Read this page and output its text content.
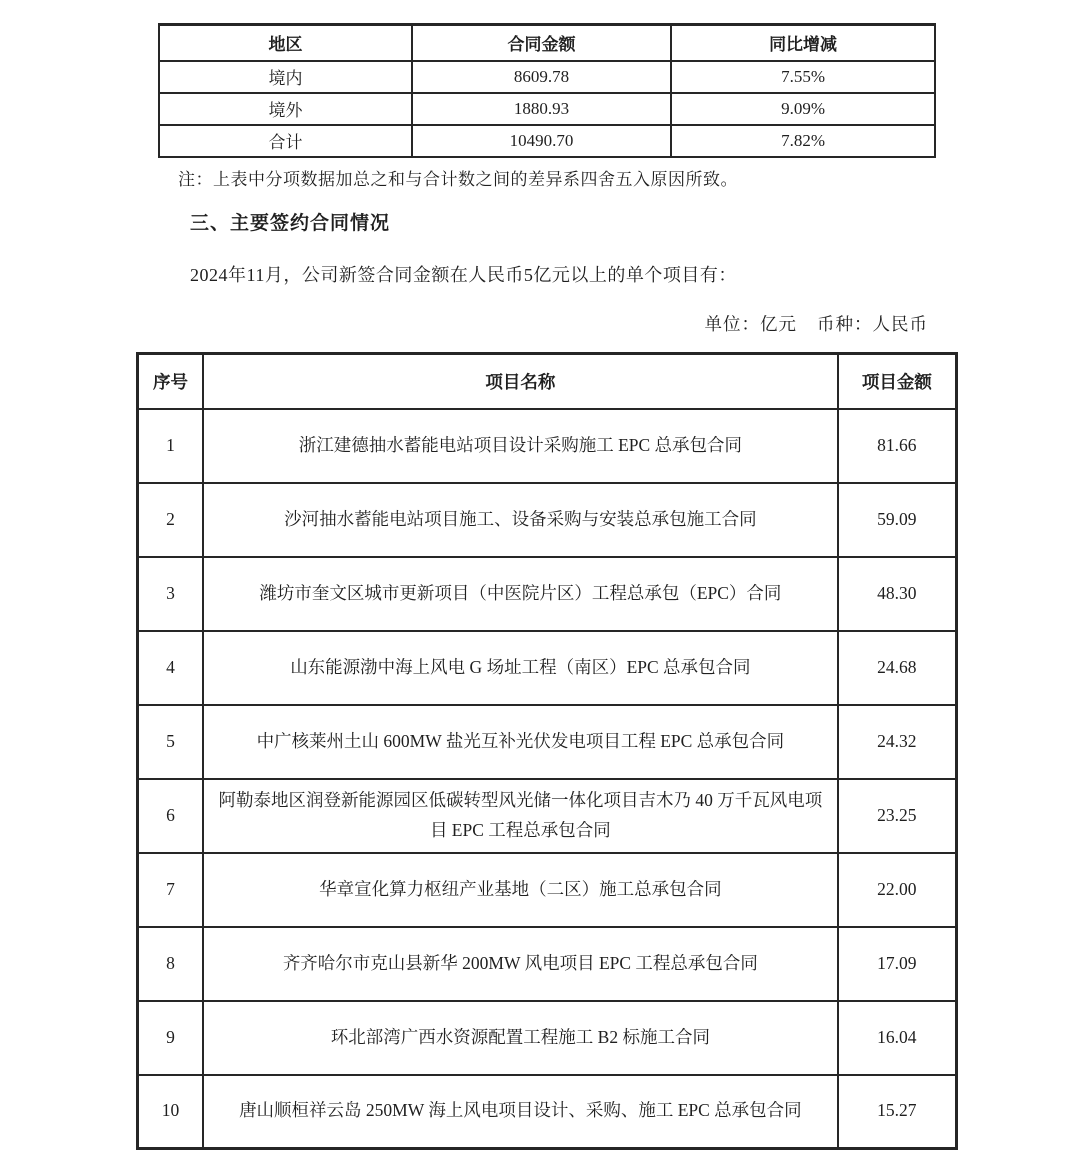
地区	合同金额	同比增减
境内	8609.78	7.55%
境外	1880.93	9.09%
合计	10490.70	7.82%
注：上表中分项数据加总之和与合计数之间的差异系四舍五入原因所致。
三、主要签约合同情况
2024年11月，公司新签合同金额在人民币5亿元以上的单个项目有：
单位：亿元 币种：人民币
序号	项目名称	项目金额
1	浙江建德抽水蓄能电站项目设计采购施工 EPC 总承包合同	81.66
2	沙河抽水蓄能电站项目施工、设备采购与安装总承包施工合同	59.09
3	潍坊市奎文区城市更新项目（中医院片区）工程总承包（EPC）合同	48.30
4	山东能源渤中海上风电 G 场址工程（南区）EPC 总承包合同	24.68
5	中广核莱州土山 600MW 盐光互补光伏发电项目工程 EPC 总承包合同	24.32
6	阿勒泰地区润登新能源园区低碳转型风光储一体化项目吉木乃 40 万千瓦风电项目 EPC 工程总承包合同	23.25
7	华章宣化算力枢纽产业基地（二区）施工总承包合同	22.00
8	齐齐哈尔市克山县新华 200MW 风电项目 EPC 工程总承包合同	17.09
9	环北部湾广西水资源配置工程施工 B2 标施工合同	16.04
10	唐山顺桓祥云岛 250MW 海上风电项目设计、采购、施工 EPC 总承包合同	15.27
